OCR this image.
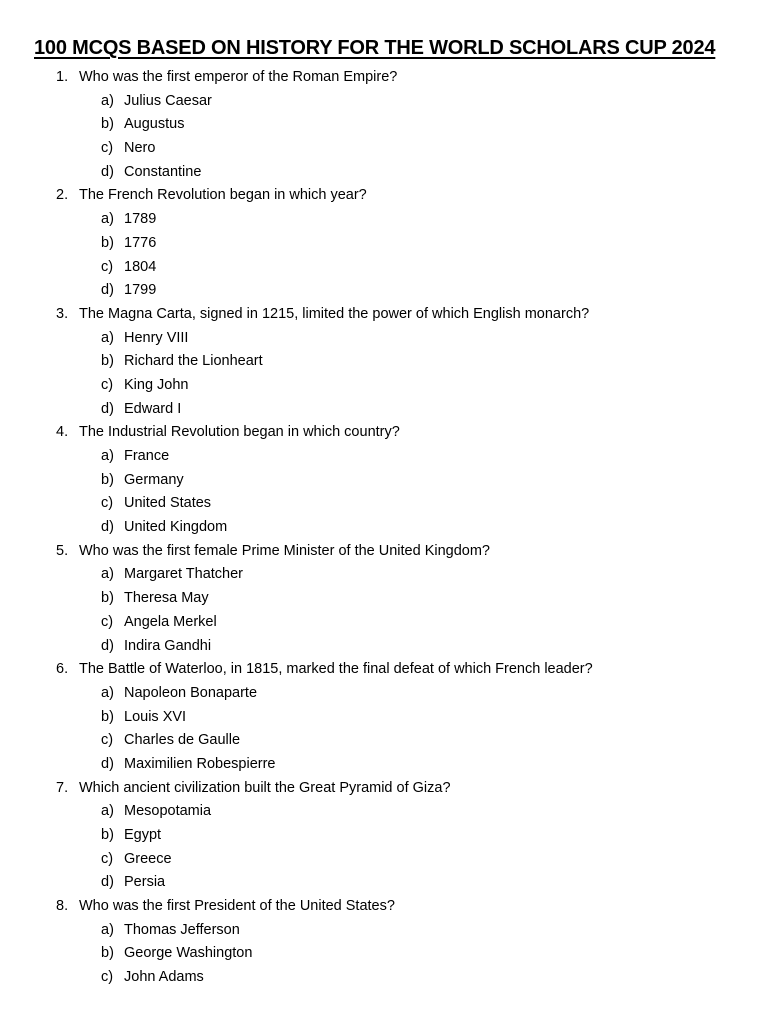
100 MCQS BASED ON HISTORY FOR THE WORLD SCHOLARS CUP 2024
1. Who was the first emperor of the Roman Empire?
a) Julius Caesar
b) Augustus
c) Nero
d) Constantine
2. The French Revolution began in which year?
a) 1789
b) 1776
c) 1804
d) 1799
3. The Magna Carta, signed in 1215, limited the power of which English monarch?
a) Henry VIII
b) Richard the Lionheart
c) King John
d) Edward I
4. The Industrial Revolution began in which country?
a) France
b) Germany
c) United States
d) United Kingdom
5. Who was the first female Prime Minister of the United Kingdom?
a) Margaret Thatcher
b) Theresa May
c) Angela Merkel
d) Indira Gandhi
6. The Battle of Waterloo, in 1815, marked the final defeat of which French leader?
a) Napoleon Bonaparte
b) Louis XVI
c) Charles de Gaulle
d) Maximilien Robespierre
7. Which ancient civilization built the Great Pyramid of Giza?
a) Mesopotamia
b) Egypt
c) Greece
d) Persia
8. Who was the first President of the United States?
a) Thomas Jefferson
b) George Washington
c) John Adams
